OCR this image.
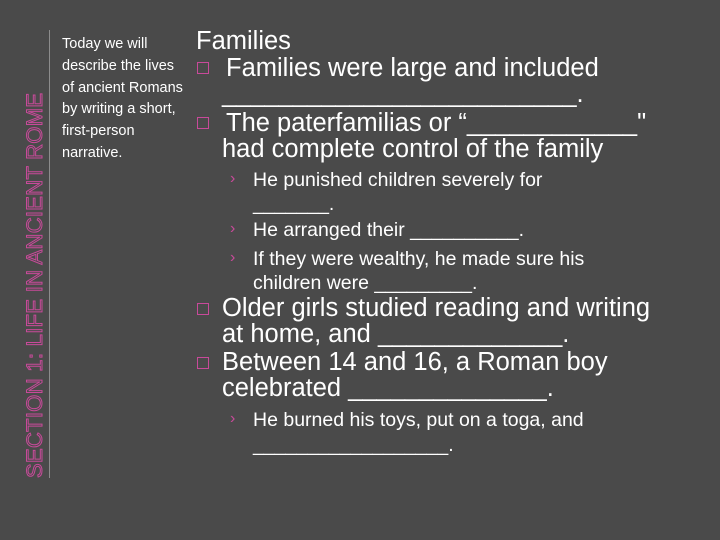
SECTION 1: LIFE IN ANCIENT ROME
Today we will describe the lives of ancient Romans by writing a short, first-person narrative.
Families
Families were large and included
_________________________.
The paterfamilias or “____________"
had complete control of the family
› He punished children severely for
_______.
› He arranged their __________.
› If they were wealthy, he made sure his
children were _________.
Older girls studied reading and writing
at home, and _____________.
Between 14 and 16, a Roman boy
celebrated ______________.
› He burned his toys, put on a toga, and
__________________.
